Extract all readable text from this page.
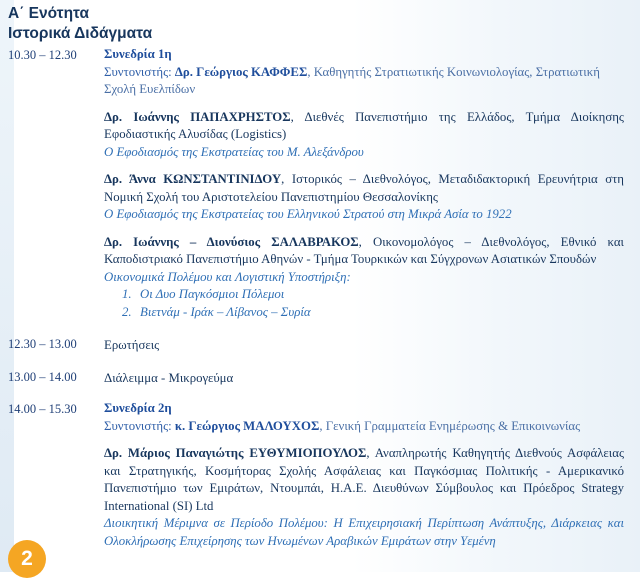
Α΄ Ενότητα
Ιστορικά Διδάγματα
10.30 – 12.30	Συνεδρία 1η
Συντονιστής: Δρ. Γεώργιος ΚΑΦΦΕΣ, Καθηγητής Στρατιωτικής Κοινωνιολογίας, Στρατιωτική Σχολή Ευελπίδων
Δρ. Ιωάννης ΠΑΠΑΧΡΗΣΤΟΣ, Διεθνές Πανεπιστήμιο της Ελλάδος, Τμήμα Διοίκησης Εφοδιαστικής Αλυσίδας (Logistics)
Ο Εφοδιασμός της Εκστρατείας του Μ. Αλεξάνδρου
Δρ. Άννα ΚΩΝΣΤΑΝΤΙΝΙΔΟΥ, Ιστορικός – Διεθνολόγος, Μεταδιδακτορική Ερευνήτρια στη Νομική Σχολή του Αριστοτελείου Πανεπιστημίου Θεσσαλονίκης
Ο Εφοδιασμός της Εκστρατείας του Ελληνικού Στρατού στη Μικρά Ασία το 1922
Δρ. Ιωάννης – Διονύσιος ΣΑΛΑΒΡΑΚΟΣ, Οικονομολόγος – Διεθνολόγος, Εθνικό και Καποδιστριακό Πανεπιστήμιο Αθηνών - Τμήμα Τουρκικών και Σύγχρονων Ασιατικών Σπουδών
Οικονομικά Πολέμου και Λογιστική Υποστήριξη:
1. Οι Δυο Παγκόσμιοι Πόλεμοι
2. Βιετνάμ - Ιράκ – Λίβανος – Συρία
12.30 – 13.00	Ερωτήσεις
13.00 – 14.00	Διάλειμμα - Μικρογεύμα
14.00 – 15.30	Συνεδρία 2η
Συντονιστής: κ. Γεώργιος ΜΑΛΟΥΧΟΣ, Γενική Γραμματεία Ενημέρωσης & Επικοινωνίας
Δρ. Μάριος Παναγιώτης ΕΥΘΥΜΙΟΠΟΥΛΟΣ, Αναπληρωτής Καθηγητής Διεθνούς Ασφάλειας και Στρατηγικής, Κοσμήτορας Σχολής Ασφάλειας και Παγκόσμιας Πολιτικής - Αμερικανικό Πανεπιστήμιο των Εμιράτων, Ντουμπάι, Η.Α.Ε. Διευθύνων Σύμβουλος και Πρόεδρος Strategy International (SI) Ltd
Διοικητική Μέριμνα σε Περίοδο Πολέμου: Η Επιχειρησιακή Περίπτωση Ανάπτυξης, Διάρκειας και Ολοκλήρωσης Επιχείρησης των Ηνωμένων Αραβικών Εμιράτων στην Υεμένη
2
